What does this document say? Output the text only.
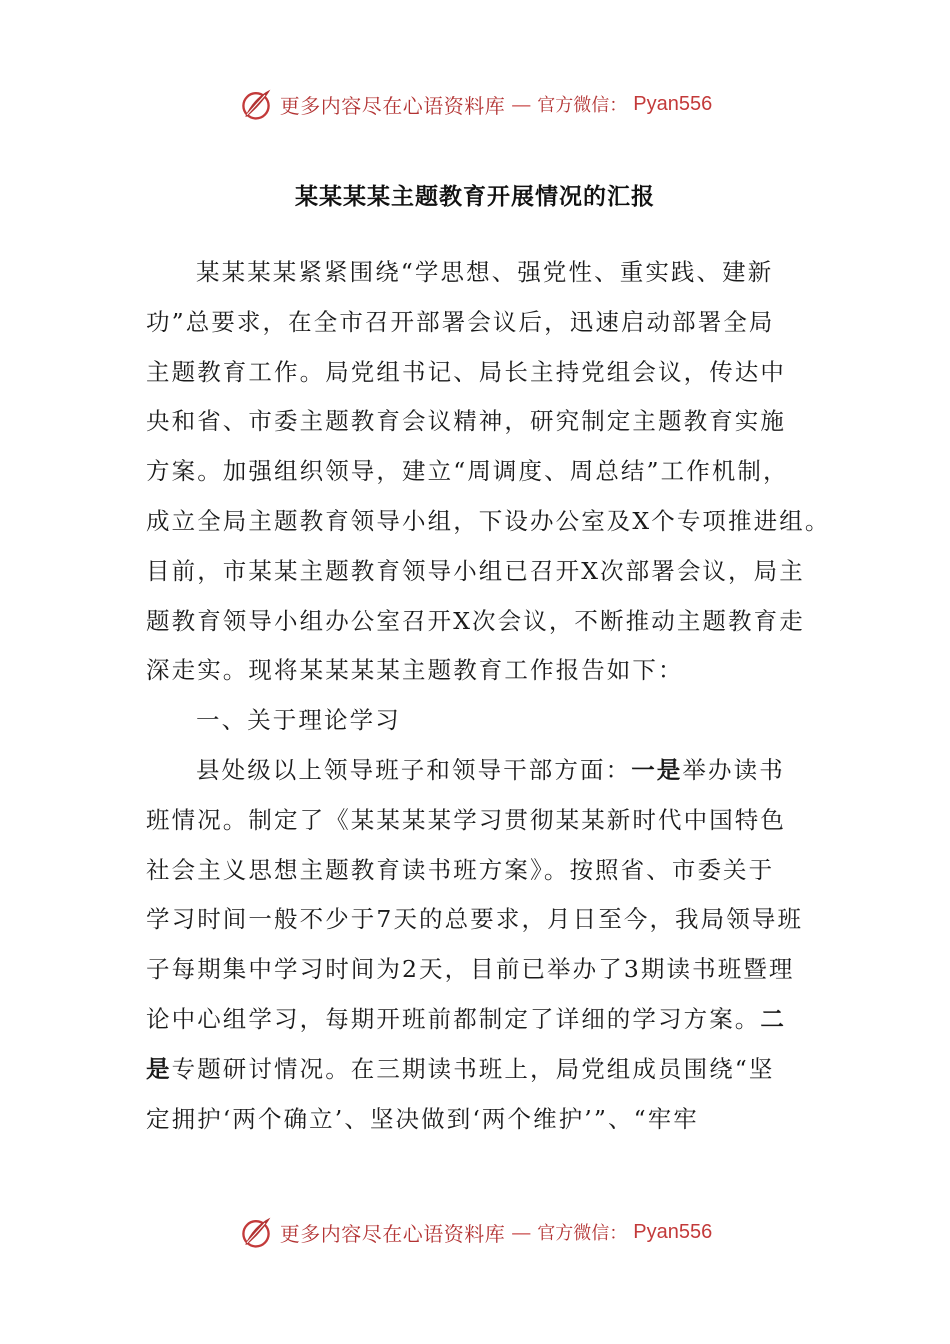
更多内容尽在心语资料库 — 官方微信： Pyan556
某某某某主题教育开展情况的汇报
某某某某紧紧围绕“学思想、强党性、重实践、建新
功”总要求，在全市召开部署会议后，迅速启动部署全局
主题教育工作。局党组书记、局长主持党组会议，传达中
央和省、市委主题教育会议精神，研究制定主题教育实施
方案。加强组织领导，建立“周调度、周总结”工作机制，
成立全局主题教育领导小组，下设办公室及X个专项推进组。
目前，市某某主题教育领导小组已召开X次部署会议，局主
题教育领导小组办公室召开X次会议，不断推动主题教育走
深走实。现将某某某某主题教育工作报告如下：
一、关于理论学习
县处级以上领导班子和领导干部方面：一是举办读书
班情况。制定了《某某某某学习贯彻某某新时代中国特色
社会主义思想主题教育读书班方案》。按照省、市委关于
学习时间一般不少于7天的总要求，月日至今，我局领导班
子每期集中学习时间为2天，目前已举办了3期读书班暨理
论中心组学习，每期开班前都制定了详细的学习方案。二
是专题研讨情况。在三期读书班上，局党组成员围绕“坚
定拥护‘两个确立’、坚决做到‘两个维护’”、“牢牢
更多内容尽在心语资料库 — 官方微信： Pyan556
